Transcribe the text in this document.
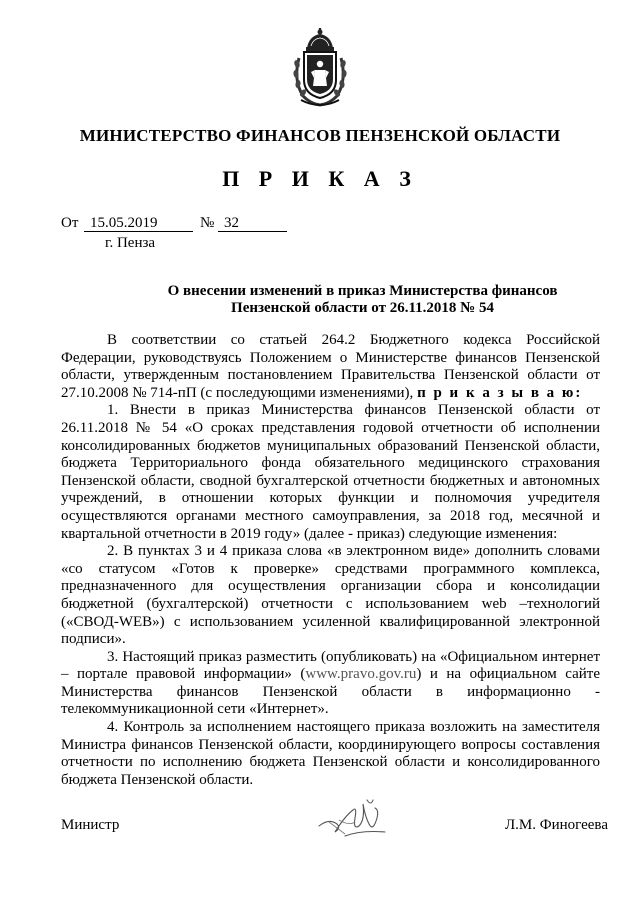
МИНИСТЕРСТВО ФИНАНСОВ ПЕНЗЕНСКОЙ ОБЛАСТИ
П Р И К А З
От 15.05.2019	№ 32
г. Пенза
О внесении изменений в приказ Министерства финансов
Пензенской области от 26.11.2018 № 54

В соответствии со статьей 264.2 Бюджетного кодекса Российской Федерации, руководствуясь Положением о Министерстве финансов Пензенской области, утвержденным постановлением Правительства Пензенской области от 27.10.2008 № 714-пП (с последующими изменениями), п р и к а з ы в а ю:

1. Внести в приказ Министерства финансов Пензенской области от 26.11.2018 № 54 «О сроках представления годовой отчетности об исполнении консолидированных бюджетов муниципальных образований Пензенской области, бюджета Территориального фонда обязательного медицинского страхования Пензенской области, сводной бухгалтерской отчетности бюджетных и автономных учреждений, в отношении которых функции и полномочия учредителя осуществляются органами местного самоуправления, за 2018 год, месячной и квартальной отчетности в 2019 году» (далее - приказ) следующие изменения:

2. В пунктах 3 и 4 приказа слова «в электронном виде» дополнить словами «со статусом «Готов к проверке» средствами программного комплекса, предназначенного для осуществления организации сбора и консолидации бюджетной (бухгалтерской) отчетности с использованием web –технологий («СВОД-WEB») с использованием усиленной квалифицированной электронной подписи».

3. Настоящий приказ разместить (опубликовать) на «Официальном интернет – портале правовой информации» (www.pravo.gov.ru) и на официальном сайте Министерства финансов Пензенской области в информационно - телекоммуникационной сети «Интернет».

4. Контроль за исполнением настоящего приказа возложить на заместителя Министра финансов Пензенской области, координирующего вопросы составления отчетности по исполнению бюджета Пензенской области и консолидированного бюджета Пензенской области.

Министр	Л.М. Финогеева
